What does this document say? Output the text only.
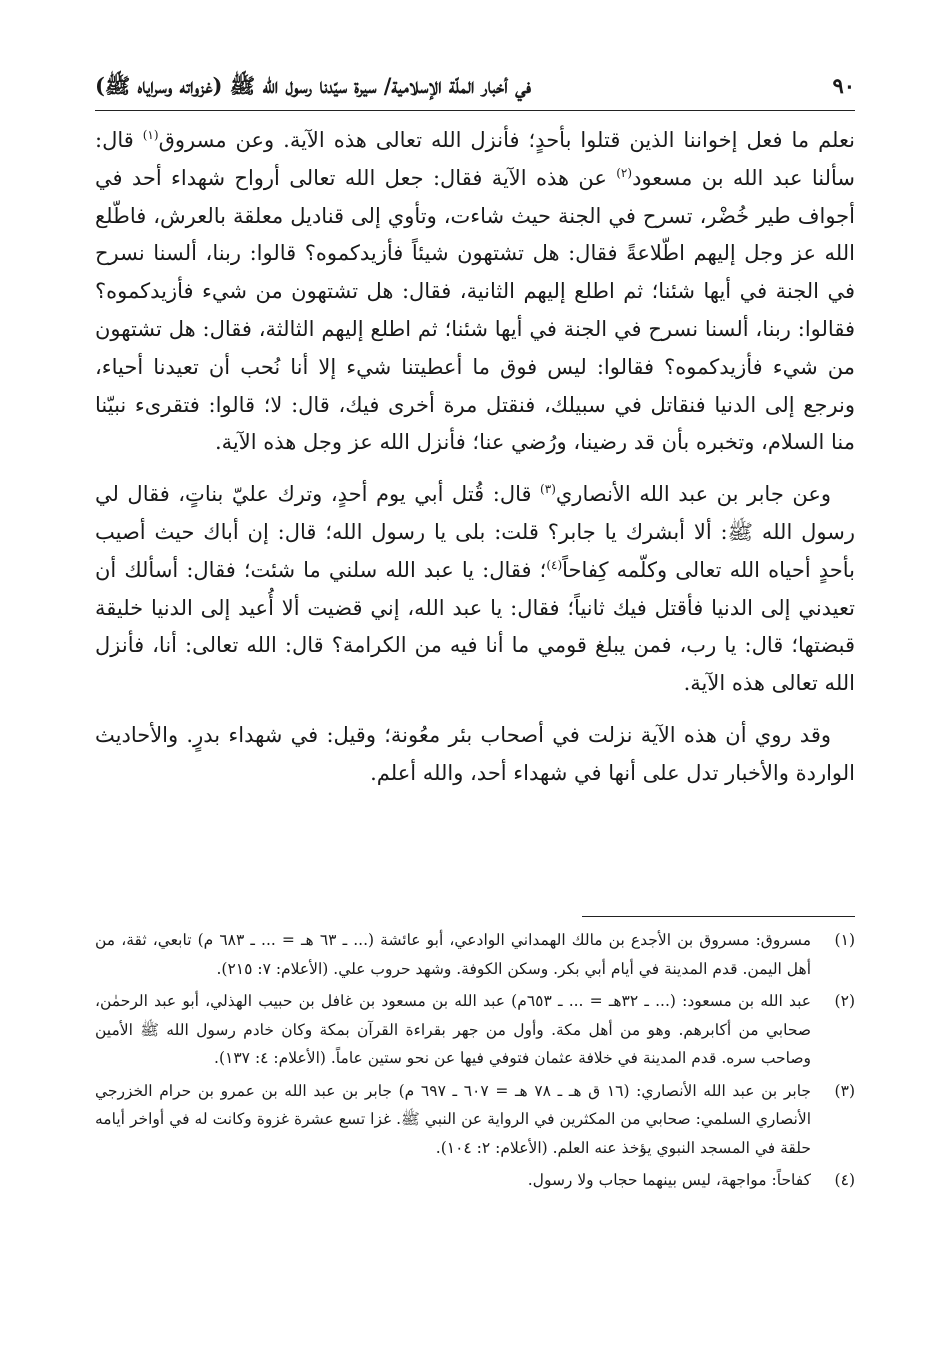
٩٠
في أخبار الملّة الإسلامية/ سيرة سيّدنا رسول الله ﷺ (غزواته وسراياه ﷺ)

نعلم ما فعل إخواننا الذين قتلوا بأحدٍ؛ فأنزل الله تعالى هذه الآية. وعن مسروق$^{(١)}$ قال: سألنا عبد الله بن مسعود$^{(٢)}$ عن هذه الآية فقال: جعل الله تعالى أرواح شهداء أحد في أجواف طير خُضْر، تسرح في الجنة حيث شاءت، وتأوي إلى قناديل معلقة بالعرش، فاطّلع الله عز وجل إليهم اطّلاعةً فقال: هل تشتهون شيئاً فأزيدكموه؟ قالوا: ربنا، ألسنا نسرح في الجنة في أيها شئنا؛ ثم اطلع إليهم الثانية، فقال: هل تشتهون من شيء فأزيدكموه؟ فقالوا: ربنا، ألسنا نسرح في الجنة في أيها شئنا؛ ثم اطلع إليهم الثالثة، فقال: هل تشتهون من شيء فأزيدكموه؟ فقالوا: ليس فوق ما أعطيتنا شيء إلا أنا نُحب أن تعيدنا أحياء، ونرجع إلى الدنيا فنقاتل في سبيلك، فنقتل مرة أخرى فيك، قال: لا؛ قالوا: فتقرىء نبيّنا منا السلام، وتخبره بأن قد رضينا، ورُضي عنا؛ فأنزل الله عز وجل هذه الآية.

وعن جابر بن عبد الله الأنصاري$^{(٣)}$ قال: قُتل أبي يوم أحدٍ، وترك عليّ بناتٍ، فقال لي رسول الله ﷺ: ألا أبشرك يا جابر؟ قلت: بلى يا رسول الله؛ قال: إن أباك حيث أصيب بأحدٍ أحياه الله تعالى وكلّمه كِفاحاً$^{(٤)}$؛ فقال: يا عبد الله سلني ما شئت؛ فقال: أسألك أن تعيدني إلى الدنيا فأقتل فيك ثانياً؛ فقال: يا عبد الله، إني قضيت ألا أُعيد إلى الدنيا خليقة قبضتها؛ قال: يا رب، فمن يبلغ قومي ما أنا فيه من الكرامة؟ قال: الله تعالى: أنا، فأنزل الله تعالى هذه الآية.

وقد روي أن هذه الآية نزلت في أصحاب بئر معُونة؛ وقيل: في شهداء بدرٍ. والأحاديث الواردة والأخبار تدل على أنها في شهداء أحد، والله أعلم.

(١)
مسروق: مسروق بن الأجدع بن مالك الهمداني الوادعي، أبو عائشة (... ـ ٦٣ هـ = ... ـ ٦٨٣ م) تابعي، ثقة، من أهل اليمن. قدم المدينة في أيام أبي بكر. وسكن الكوفة. وشهد حروب علي. (الأعلام: ٧: ٢١٥).
(٢)
عبد الله بن مسعود: (... ـ ٣٢هـ = ... ـ ٦٥٣م) عبد الله بن مسعود بن غافل بن حبيب الهذلي، أبو عبد الرحمٰن، صحابي من أكابرهم. وهو من أهل مكة. وأول من جهر بقراءة القرآن بمكة وكان خادم رسول الله ﷺ الأمين وصاحب سره. قدم المدينة في خلافة عثمان فتوفي فيها عن نحو ستين عاماً. (الأعلام: ٤: ١٣٧).
(٣)
جابر بن عبد الله الأنصاري: (١٦ ق هـ ـ ٧٨ هـ = ٦٠٧ ـ ٦٩٧ م) جابر بن عبد الله بن عمرو بن حرام الخزرجي الأنصاري السلمي: صحابي من المكثرين في الرواية عن النبي ﷺ. غزا تسع عشرة غزوة وكانت له في أواخر أيامه حلقة في المسجد النبوي يؤخذ عنه العلم. (الأعلام: ٢: ١٠٤).
(٤)
كفاحاً: مواجهة، ليس بينهما حجاب ولا رسول.
